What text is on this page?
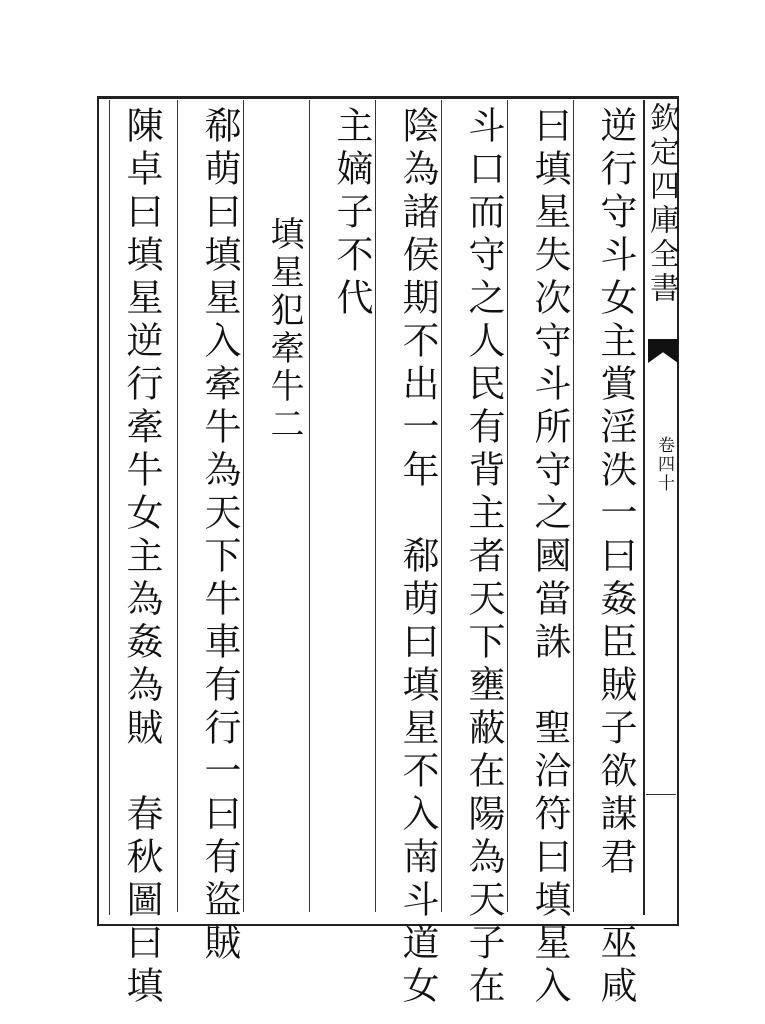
逆行守斗女主賞淫泆一曰姦臣賊子欲謀君　巫咸
曰填星失次守斗所守之國當誅　聖洽符曰填星入
斗口而守之人民有背主者天下壅蔽在陽為天子在
陰為諸侯期不出一年　郗萌曰填星不入南斗道女
主嫡子不代
填星犯牽牛二
郗萌曰填星入牽牛為天下牛車有行一曰有盜賊
陳卓曰填星逆行牽牛女主為姦為賊　春秋圖曰填	欽定四庫全書
卷四十
